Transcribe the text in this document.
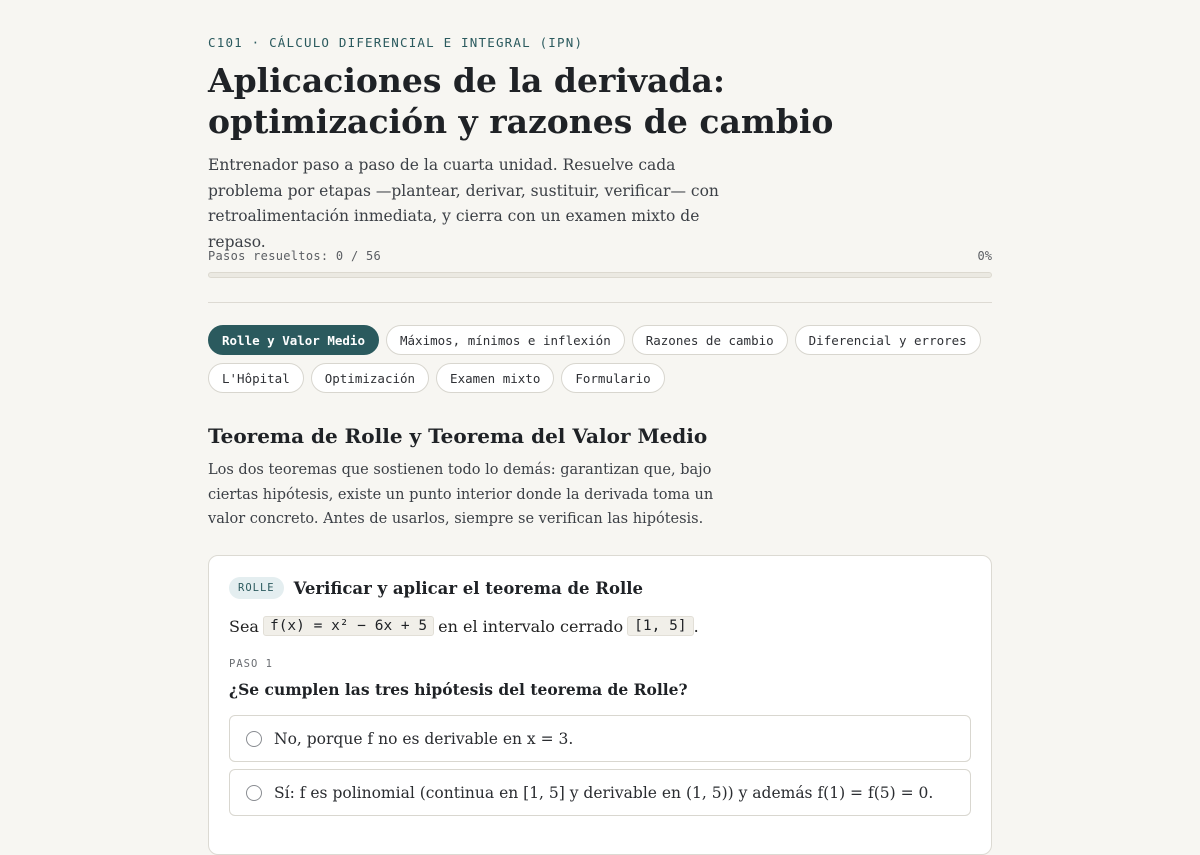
C101 · CÁLCULO DIFERENCIAL E INTEGRAL (IPN)
Aplicaciones de la derivada: optimización y razones de cambio

Entrenador paso a paso de la cuarta unidad. Resuelve cada problema por etapas —plantear, derivar, sustituir, verificar— con retroalimentación inmediata, y cierra con un examen mixto de repaso.

Pasos resueltos: 0 / 56	0%
Rolle y Valor Medio	Máximos, mínimos e inflexión	Razones de cambio	Diferencial y errores
L'Hôpital	Optimización	Examen mixto	Formulario
Teorema de Rolle y Teorema del Valor Medio

Los dos teoremas que sostienen todo lo demás: garantizan que, bajo ciertas hipótesis, existe un punto interior donde la derivada toma un valor concreto. Antes de usarlos, siempre se verifican las hipótesis.

ROLLE	Verificar y aplicar el teorema de Rolle
Sea f(x) = x² − 6x + 5 en el intervalo cerrado [1, 5] .
PASO 1
¿Se cumplen las tres hipótesis del teorema de Rolle?
No, porque f no es derivable en x = 3.
Sí: f es polinomial (continua en [1, 5] y derivable en (1, 5)) y además f(1) = f(5) = 0.
